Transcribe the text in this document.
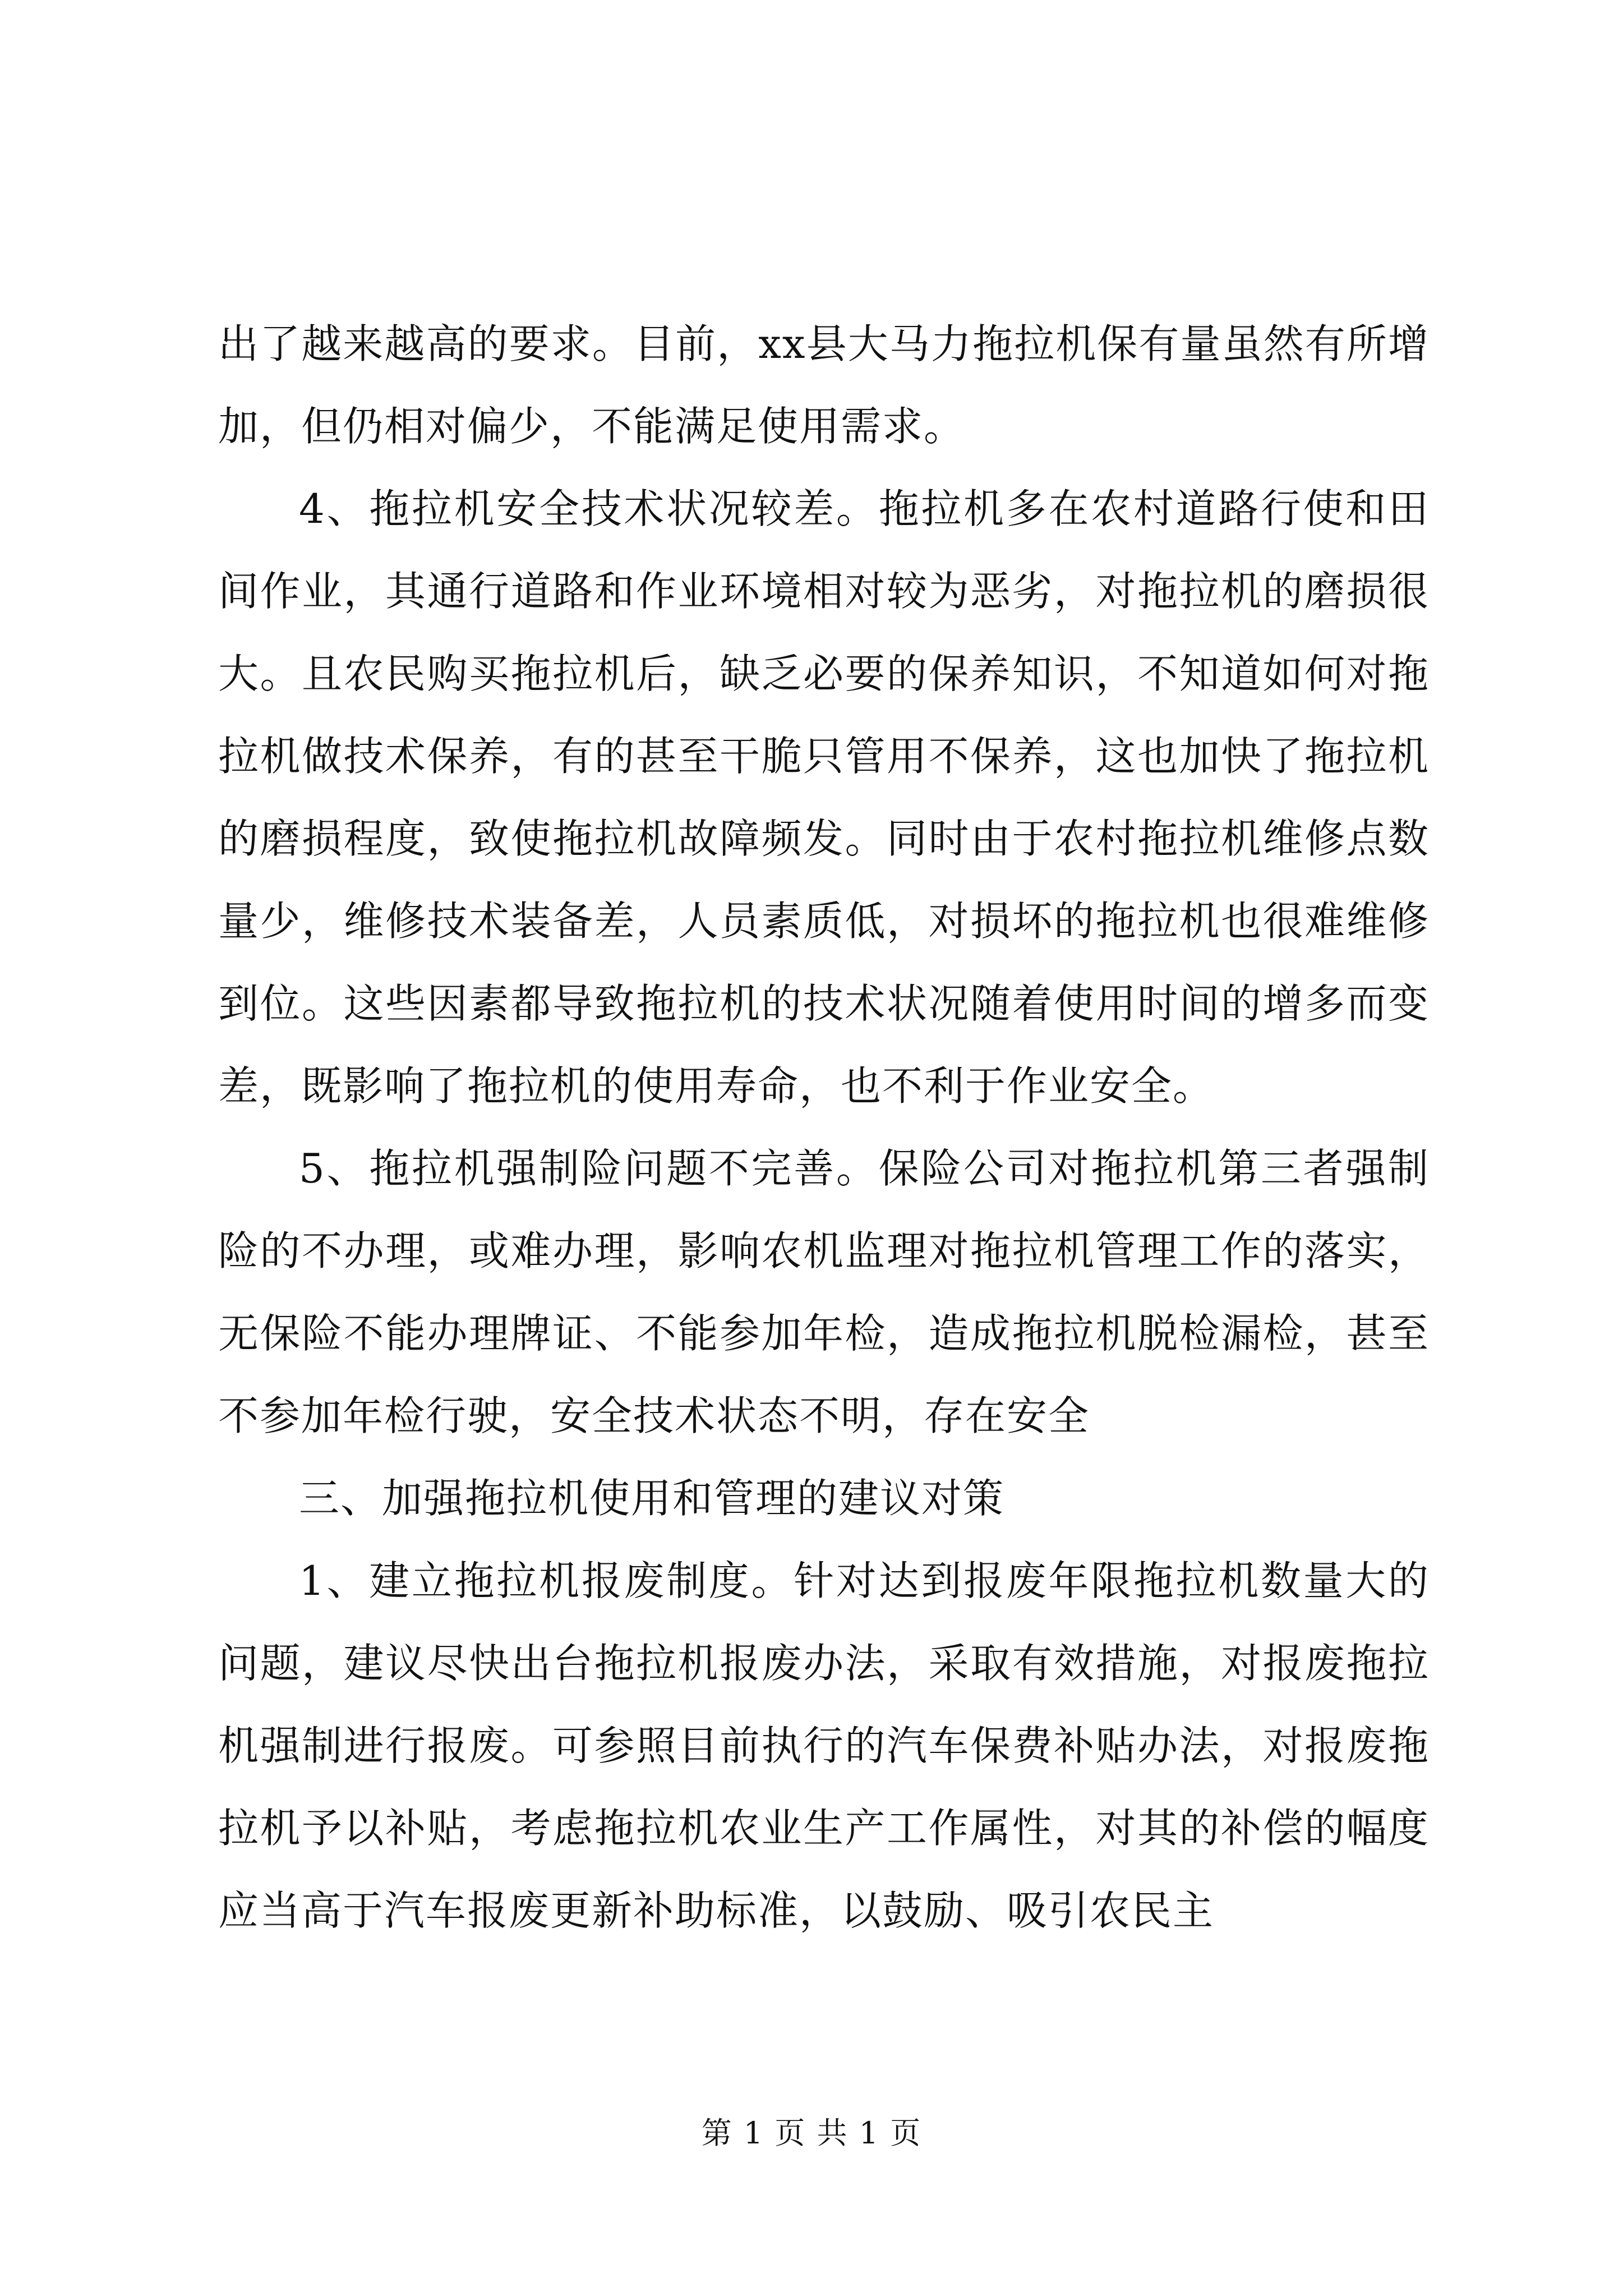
出了越来越高的要求。目前，xx县大马力拖拉机保有量虽然有所增加，但仍相对偏少，不能满足使用需求。

4、拖拉机安全技术状况较差。拖拉机多在农村道路行使和田间作业，其通行道路和作业环境相对较为恶劣，对拖拉机的磨损很大。且农民购买拖拉机后，缺乏必要的保养知识，不知道如何对拖拉机做技术保养，有的甚至干脆只管用不保养，这也加快了拖拉机的磨损程度，致使拖拉机故障频发。同时由于农村拖拉机维修点数量少，维修技术装备差，人员素质低，对损坏的拖拉机也很难维修到位。这些因素都导致拖拉机的技术状况随着使用时间的增多而变差，既影响了拖拉机的使用寿命，也不利于作业安全。

5、拖拉机强制险问题不完善。保险公司对拖拉机第三者强制险的不办理，或难办理，影响农机监理对拖拉机管理工作的落实，无保险不能办理牌证、不能参加年检，造成拖拉机脱检漏检，甚至不参加年检行驶，安全技术状态不明，存在安全

三、加强拖拉机使用和管理的建议对策

1、建立拖拉机报废制度。针对达到报废年限拖拉机数量大的问题，建议尽快出台拖拉机报废办法，采取有效措施，对报废拖拉机强制进行报废。可参照目前执行的汽车保费补贴办法，对报废拖拉机予以补贴，考虑拖拉机农业生产工作属性，对其的补偿的幅度应当高于汽车报废更新补助标准，以鼓励、吸引农民主

第 1 页 共 1 页
